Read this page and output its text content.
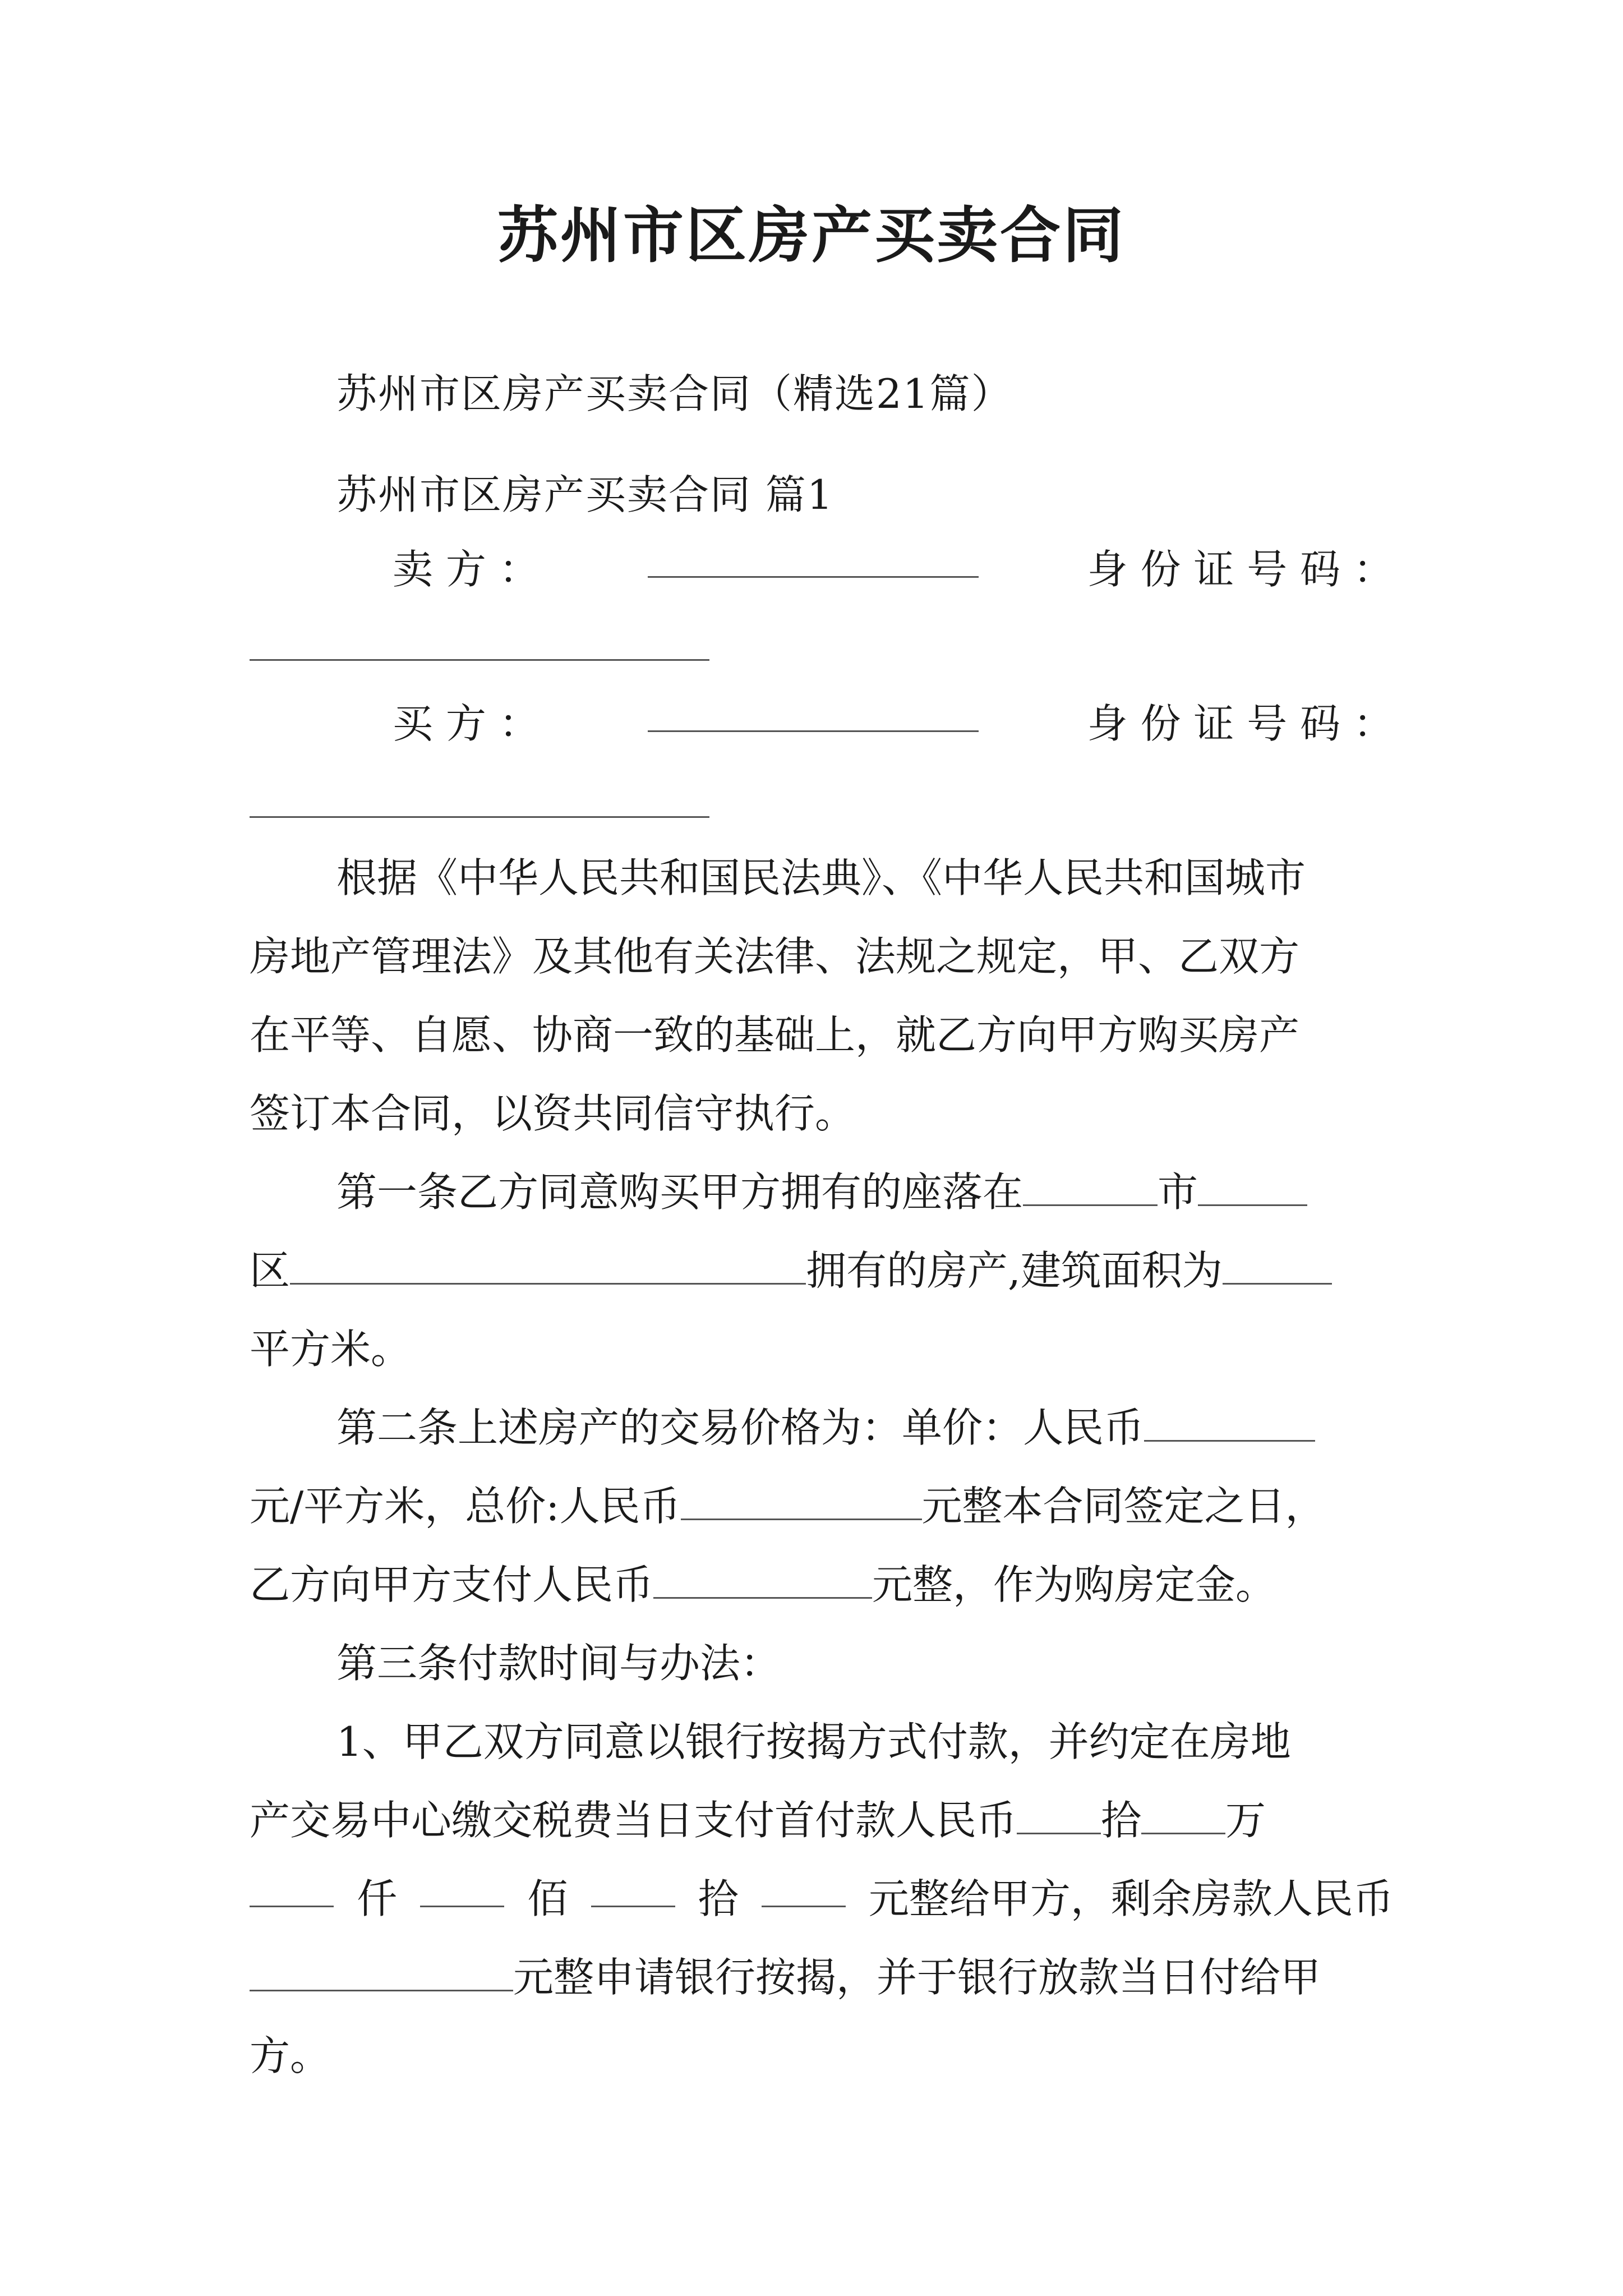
苏州市区房产买卖合同
苏州市区房产买卖合同（精选21篇）
苏州市区房产买卖合同 篇1
卖 方 ：	身 份 证 号 码 ：
买 方 ：	身 份 证 号 码 ：
根据《中华人民共和国民法典》、《中华人民共和国城市
房地产管理法》及其他有关法律、法规之规定，甲、乙双方
在平等、自愿、协商一致的基础上，就乙方向甲方购买房产
签订本合同，以资共同信守执行。
第一条乙方同意购买甲方拥有的座落在	市
区	拥有的房产,建筑面积为
平方米。
第二条上述房产的交易价格为：单价：人民币
元/平方米，总价:人民币	元整本合同签定之日，
乙方向甲方支付人民币	元整，作为购房定金。
第三条付款时间与办法：
1、甲乙双方同意以银行按揭方式付款，并约定在房地
产交易中心缴交税费当日支付首付款人民币 拾 万
仟	佰	拾	元整给甲方，剩余房款人民币
元整申请银行按揭，并于银行放款当日付给甲
方。
